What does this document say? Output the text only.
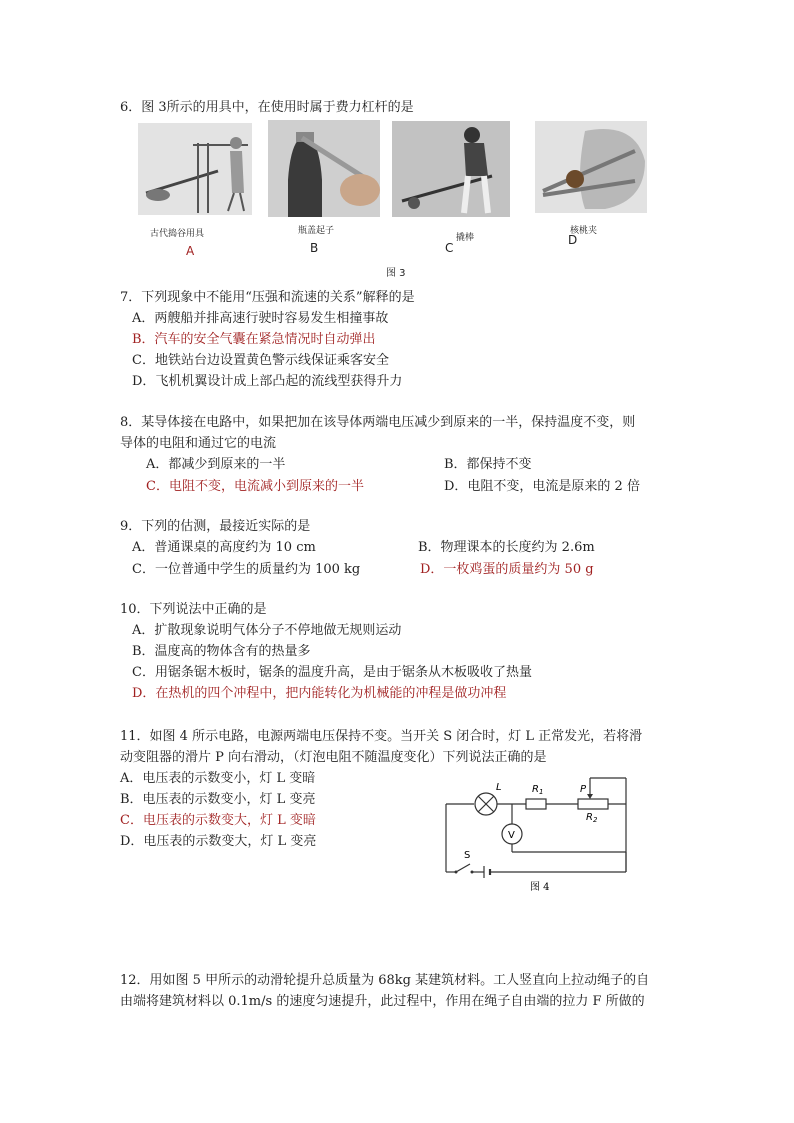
6．图 3所示的用具中，在使用时属于费力杠杆的是
古代捣谷用具	瓶盖起子
撬棒
核桃夹
A	B	C
D
图 3
7．下列现象中不能用“压强和流速的关系”解释的是
A．两艘船并排高速行驶时容易发生相撞事故
B．汽车的安全气囊在紧急情况时自动弹出
C．地铁站台边设置黄色警示线保证乘客安全
D．飞机机翼设计成上部凸起的流线型获得升力
8．某导体接在电路中，如果把加在该导体两端电压减少到原来的一半，保持温度不变，则
导体的电阻和通过它的电流
A．都减少到原来的一半	B．都保持不变
C．电阻不变，电流减小到原来的一半	D．电阻不变，电流是原来的 2 倍
9．下列的估测，最接近实际的是
A．普通课桌的高度约为 10 cm	B．物理课本的长度约为 2.6m
C．一位普通中学生的质量约为 100 kg	D．一枚鸡蛋的质量约为 50 g
10．下列说法中正确的是
A．扩散现象说明气体分子不停地做无规则运动
B．温度高的物体含有的热量多
C．用锯条锯木板时，锯条的温度升高，是由于锯条从木板吸收了热量
D．在热机的四个冲程中，把内能转化为机械能的冲程是做功冲程
11．如图 4 所示电路，电源两端电压保持不变。当开关 S 闭合时，灯 L 正常发光，若将滑
动变阻器的滑片 P 向右滑动，（灯泡电阻不随温度变化）下列说法正确的是
A．电压表的示数变小，灯 L 变暗
B．电压表的示数变小，灯 L 变亮
C．电压表的示数变大，灯 L 变暗
D．电压表的示数变大，灯 L 变亮
L	$R_1$	P
$R_2$
V
S
图 4
12．用如图 5 甲所示的动滑轮提升总质量为 68kg 某建筑材料。工人竖直向上拉动绳子的自
由端将建筑材料以 0.1m/s 的速度匀速提升，此过程中，作用在绳子自由端的拉力 F 所做的
